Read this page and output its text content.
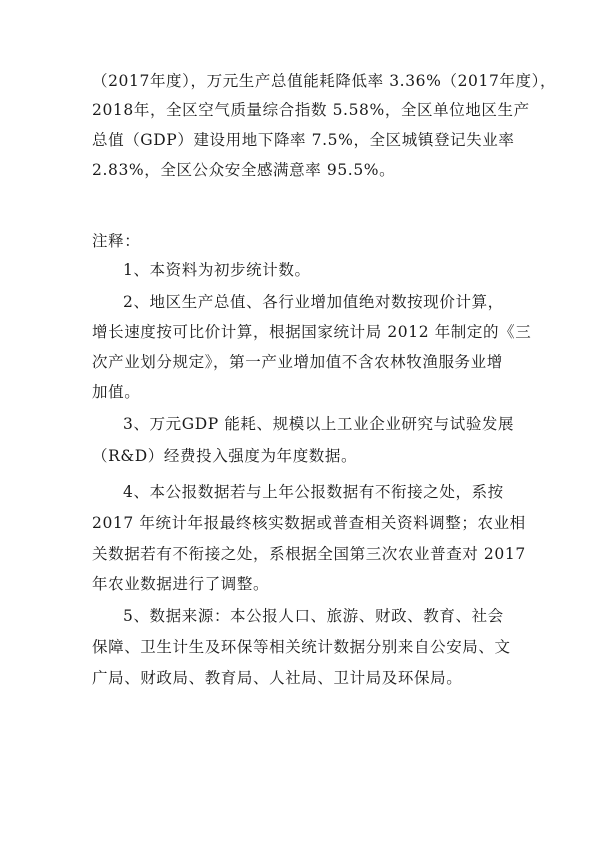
（2017年度），万元生产总值能耗降低率 3.36%（2017年度），
2018年，全区空气质量综合指数 5.58%，全区单位地区生产
总值（GDP）建设用地下降率 7.5%，全区城镇登记失业率
2.83%，全区公众安全感满意率 95.5%。
注释：
1、本资料为初步统计数。
2、地区生产总值、各行业增加值绝对数按现价计算，
增长速度按可比价计算，根据国家统计局 2012 年制定的《三
次产业划分规定》，第一产业增加值不含农林牧渔服务业增
加值。
3、万元GDP 能耗、规模以上工业企业研究与试验发展
（R&D）经费投入强度为年度数据。
4、本公报数据若与上年公报数据有不衔接之处，系按
2017 年统计年报最终核实数据或普查相关资料调整；农业相
关数据若有不衔接之处，系根据全国第三次农业普查对 2017
年农业数据进行了调整。
5、数据来源：本公报人口、旅游、财政、教育、社会
保障、卫生计生及环保等相关统计数据分别来自公安局、文
广局、财政局、教育局、人社局、卫计局及环保局。
